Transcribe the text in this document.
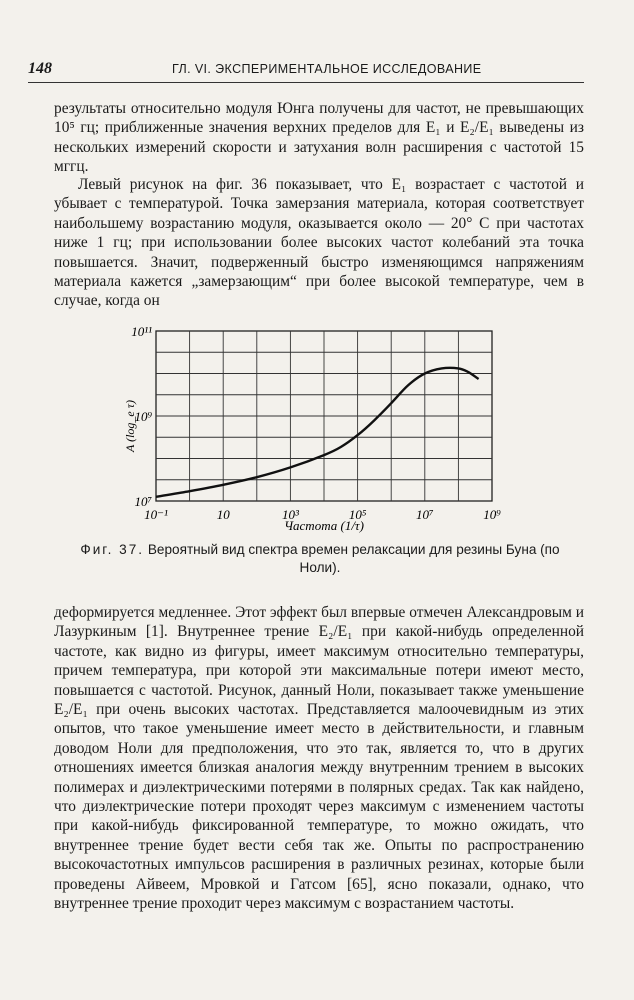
148	ГЛ. VI. ЭКСПЕРИМЕНТАЛЬНОЕ ИССЛЕДОВАНИЕ

результаты относительно модуля Юнга получены для частот, не превышающих 10⁵ гц; приближенные значения верхних пределов для E₁ и E₂/E₁ выведены из нескольких измерений скорости и затухания волн расширения с частотой 15 мггц.

Левый рисунок на фиг. 36 показывает, что E₁ возрастает с частотой и убывает с температурой. Точка замерзания материала, которая соответствует наибольшему возрастанию модуля, оказывается около — 20° С при частотах ниже 1 гц; при использовании более высоких частот колебаний эта точка повышается. Значит, подверженный быстро изменяющимся напряжениям материала кажется „замерзающим“ при более высокой температуре, чем в случае, когда он

10⁻¹	10	10³	10⁵	10⁷	10⁹
10⁷
10⁹
10¹¹
A (log_e τ)
Частота (1/τ)
Фиг. 37. Вероятный вид спектра времен релаксации для резины Буна (по Ноли).

деформируется медленнее. Этот эффект был впервые отмечен Александровым и Лазуркиным [1]. Внутреннее трение E₂/E₁ при какой-нибудь определенной частоте, как видно из фигуры, имеет максимум относительно температуры, причем температура, при которой эти максимальные потери имеют место, повышается с частотой. Рисунок, данный Ноли, показывает также уменьшение E₂/E₁ при очень высоких частотах. Представляется малоочевидным из этих опытов, что такое уменьшение имеет место в действительности, и главным доводом Ноли для предположения, что это так, является то, что в других отношениях имеется близкая аналогия между внутренним трением в высоких полимерах и диэлектрическими потерями в полярных средах. Так как найдено, что диэлектрические потери проходят через максимум с изменением частоты при какой-нибудь фиксированной температуре, то можно ожидать, что внутреннее трение будет вести себя так же. Опыты по распространению высокочастотных импульсов расширения в различных резинах, которые были проведены Айвеем, Мровкой и Гатсом [65], ясно показали, однако, что внутреннее трение проходит через максимум с возрастанием частоты.
